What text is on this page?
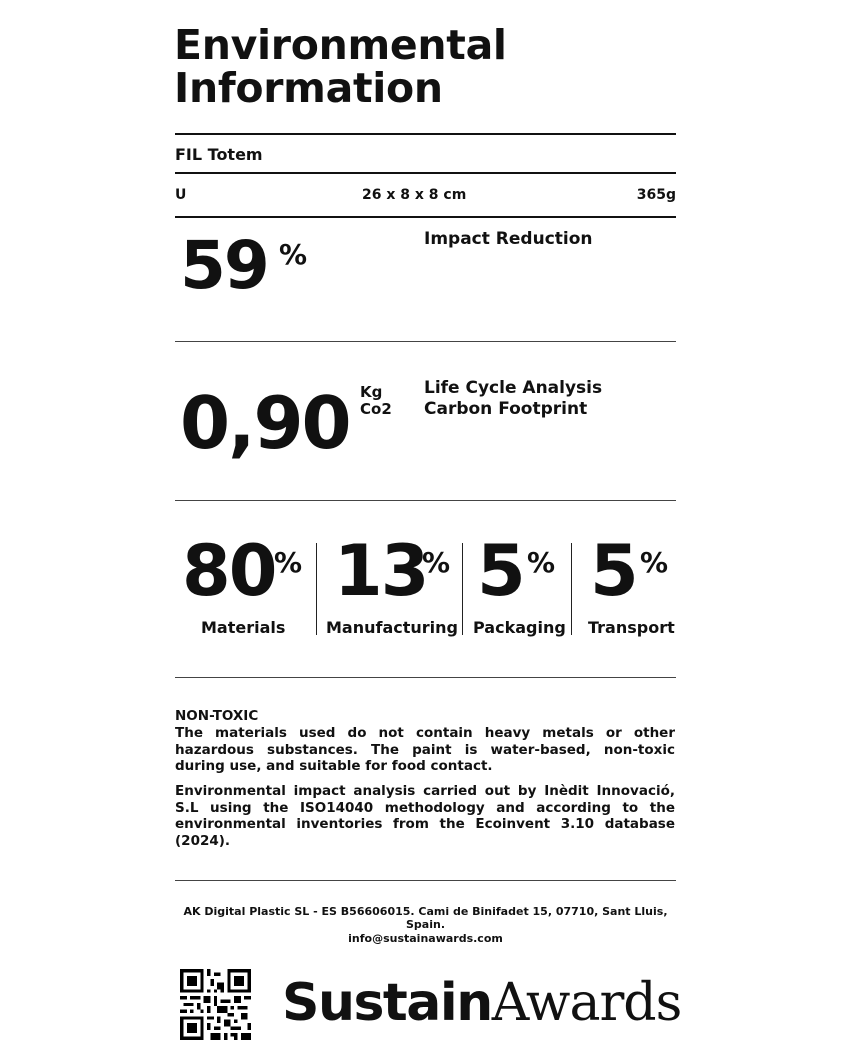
Environmental
Information
FIL Totem
U	26 x 8 x 8 cm	365g
59 %	Impact Reduction
0,90 Kg
Co2
Life Cycle Analysis
Carbon Footprint
80
%
Materials
13
%
Manufacturing
5 %
Packaging
5 %
Transport
NON-TOXIC
The materials used do not contain heavy metals or other hazardous substances. The paint is water-based, non-toxic during use, and suitable for food contact.
Environmental impact analysis carried out by Inèdit Innovació, S.L using the ISO14040 methodology and according to the environmental inventories from the Ecoinvent 3.10 database (2024).
AK Digital Plastic SL - ES B56606015. Cami de Binifadet 15, 07710, Sant Lluis, Spain.
info@sustainawards.com
SustainAwards
